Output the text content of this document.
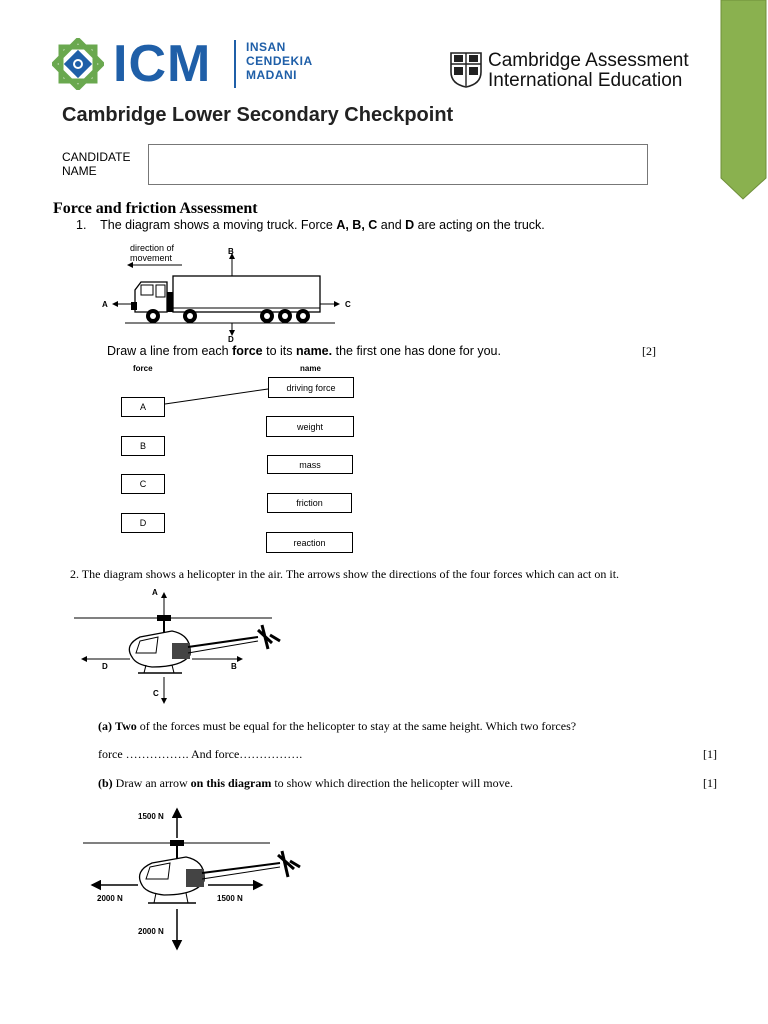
ICM	INSAN
CENDEKIA
MADANI
Cambridge Assessment
International Education
Cambridge Lower Secondary Checkpoint
CANDIDATE
NAME
Force and friction Assessment
1. The diagram shows a moving truck. Force A, B, C and D are acting on the truck.
direction of
movement
B
A	C
D
Draw a line from each force to its name. the first one has done for you.	[2]
force	name
A
B
C
D
driving force
weight
mass
friction
reaction
2. The diagram shows a helicopter in the air. The arrows show the directions of the four forces which can act on it.
A
D	B
C
(a) Two of the forces must be equal for the helicopter to stay at the same height. Which two forces?
force ……………. And force…………….	[1]
(b) Draw an arrow on this diagram to show which direction the helicopter will move.	[1]
1500 N
2000 N	1500 N
2000 N
